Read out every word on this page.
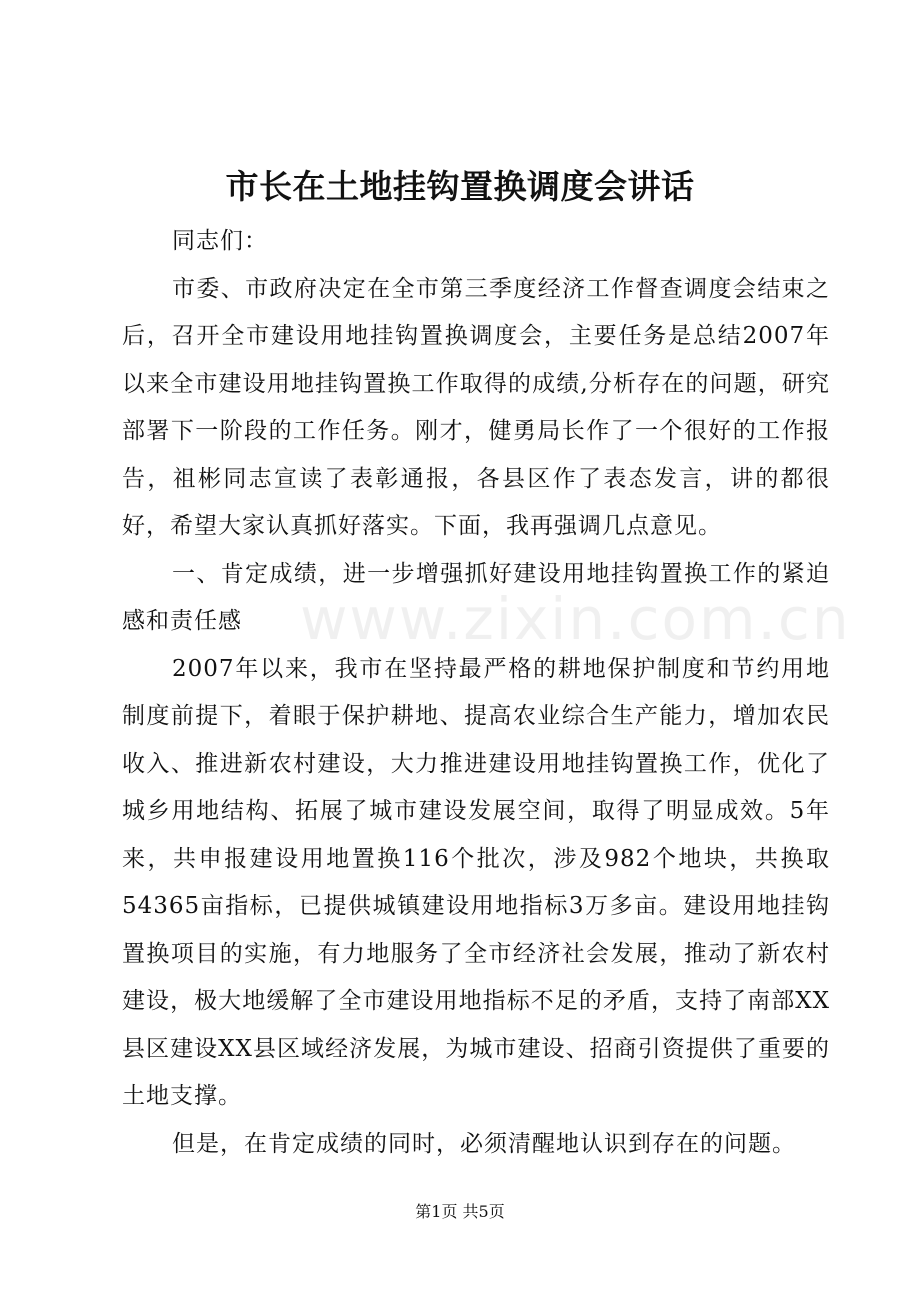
市长在土地挂钩置换调度会讲话
www.zixin.com.cn

同志们：

市委、市政府决定在全市第三季度经济工作督查调度会结束之后，召开全市建设用地挂钩置换调度会，主要任务是总结2007年以来全市建设用地挂钩置换工作取得的成绩,分析存在的问题，研究部署下一阶段的工作任务。刚才，健勇局长作了一个很好的工作报告，祖彬同志宣读了表彰通报，各县区作了表态发言，讲的都很好，希望大家认真抓好落实。下面，我再强调几点意见。

一、肯定成绩，进一步增强抓好建设用地挂钩置换工作的紧迫感和责任感

2007年以来，我市在坚持最严格的耕地保护制度和节约用地制度前提下，着眼于保护耕地、提高农业综合生产能力，增加农民收入、推进新农村建设，大力推进建设用地挂钩置换工作，优化了城乡用地结构、拓展了城市建设发展空间，取得了明显成效。5年来，共申报建设用地置换116个批次，涉及982个地块，共换取54365亩指标，已提供城镇建设用地指标3万多亩。建设用地挂钩置换项目的实施，有力地服务了全市经济社会发展，推动了新农村建设，极大地缓解了全市建设用地指标不足的矛盾，支持了南部XX县区建设XX县区域经济发展，为城市建设、招商引资提供了重要的土地支撑。

但是，在肯定成绩的同时，必须清醒地认识到存在的问题。

第1页 共5页
